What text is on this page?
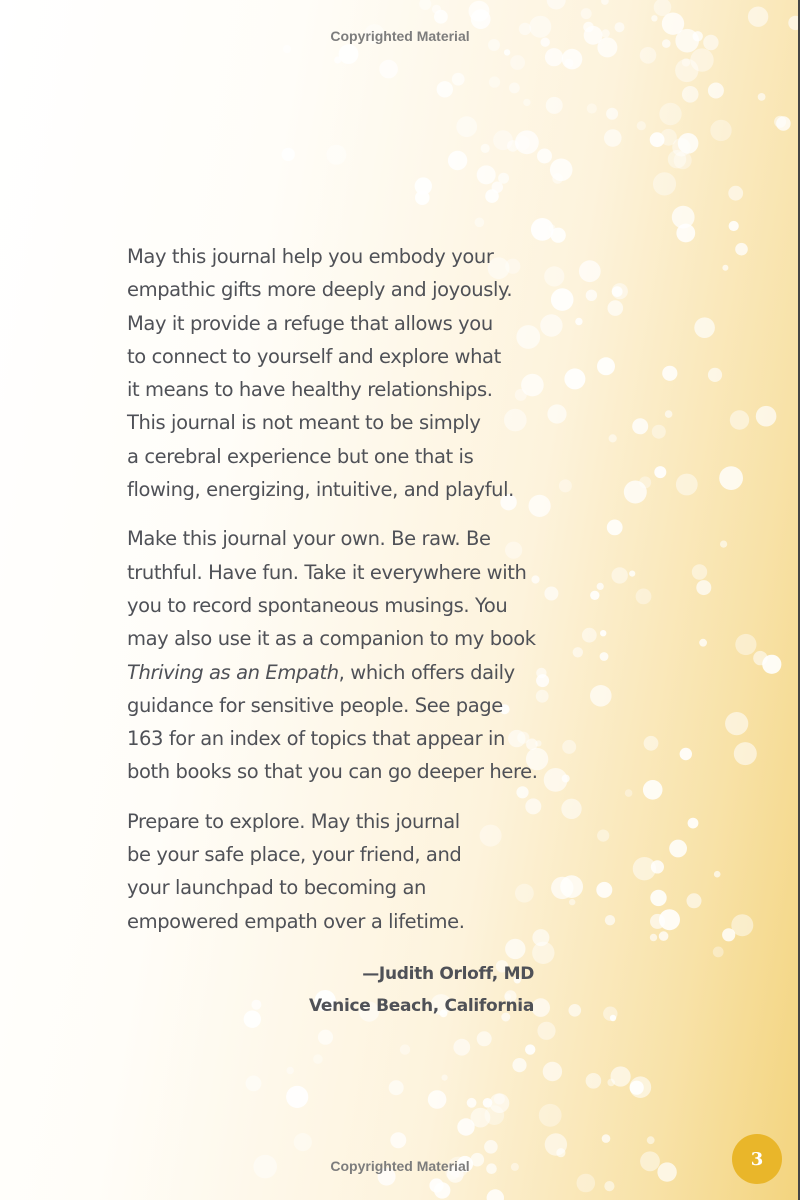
Copyrighted Material
May this journal help you embody your
empathic gifts more deeply and joyously.
May it provide a refuge that allows you
to connect to yourself and explore what
it means to have healthy relationships.
This journal is not meant to be simply
a cerebral experience but one that is
flowing, energizing, intuitive, and playful.
Make this journal your own. Be raw. Be
truthful. Have fun. Take it everywhere with
you to record spontaneous musings. You
may also use it as a companion to my book
Thriving as an Empath, which offers daily
guidance for sensitive people. See page
163 for an index of topics that appear in
both books so that you can go deeper here.
Prepare to explore. May this journal
be your safe place, your friend, and
your launchpad to becoming an
empowered empath over a lifetime.
—Judith Orloff, MD
Venice Beach, California
Copyrighted Material	3
